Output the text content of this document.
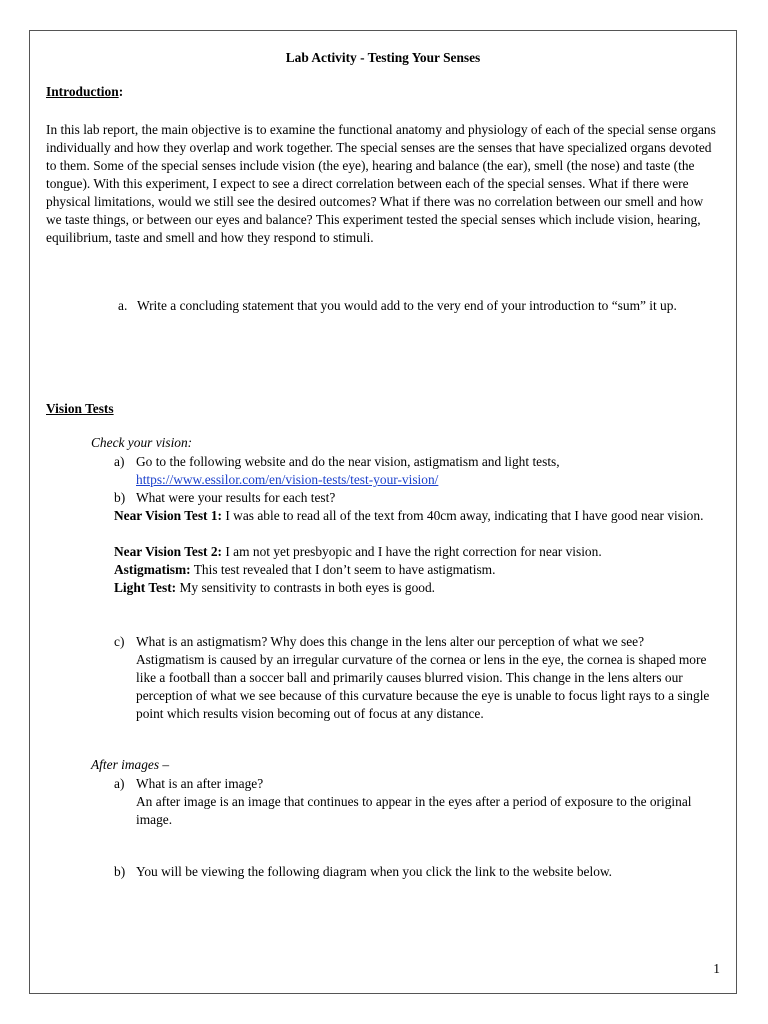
Lab Activity - Testing Your Senses
Introduction:
In this lab report, the main objective is to examine the functional anatomy and physiology of each of the special sense organs individually and how they overlap and work together. The special senses are the senses that have specialized organs devoted to them. Some of the special senses include vision (the eye), hearing and balance (the ear), smell (the nose) and taste (the tongue). With this experiment, I expect to see a direct correlation between each of the special senses. What if there were physical limitations, would we still see the desired outcomes? What if there was no correlation between our smell and how we taste things, or between our eyes and balance? This experiment tested the special senses which include vision, hearing, equilibrium, taste and smell and how they respond to stimuli.
a. Write a concluding statement that you would add to the very end of your introduction to “sum” it up.
Vision Tests
Check your vision:
a) Go to the following website and do the near vision, astigmatism and light tests,
https://www.essilor.com/en/vision-tests/test-your-vision/
b) What were your results for each test?
Near Vision Test 1: I was able to read all of the text from 40cm away, indicating that I have good near vision.
Near Vision Test 2: I am not yet presbyopic and I have the right correction for near vision.
Astigmatism: This test revealed that I don’t seem to have astigmatism.
Light Test: My sensitivity to contrasts in both eyes is good.
c) What is an astigmatism? Why does this change in the lens alter our perception of what we see?
Astigmatism is caused by an irregular curvature of the cornea or lens in the eye, the cornea is shaped more like a football than a soccer ball and primarily causes blurred vision. This change in the lens alters our perception of what we see because of this curvature because the eye is unable to focus light rays to a single point which results vision becoming out of focus at any distance.
After images –
a) What is an after image?
An after image is an image that continues to appear in the eyes after a period of exposure to the original image.
b) You will be viewing the following diagram when you click the link to the website below.
1
